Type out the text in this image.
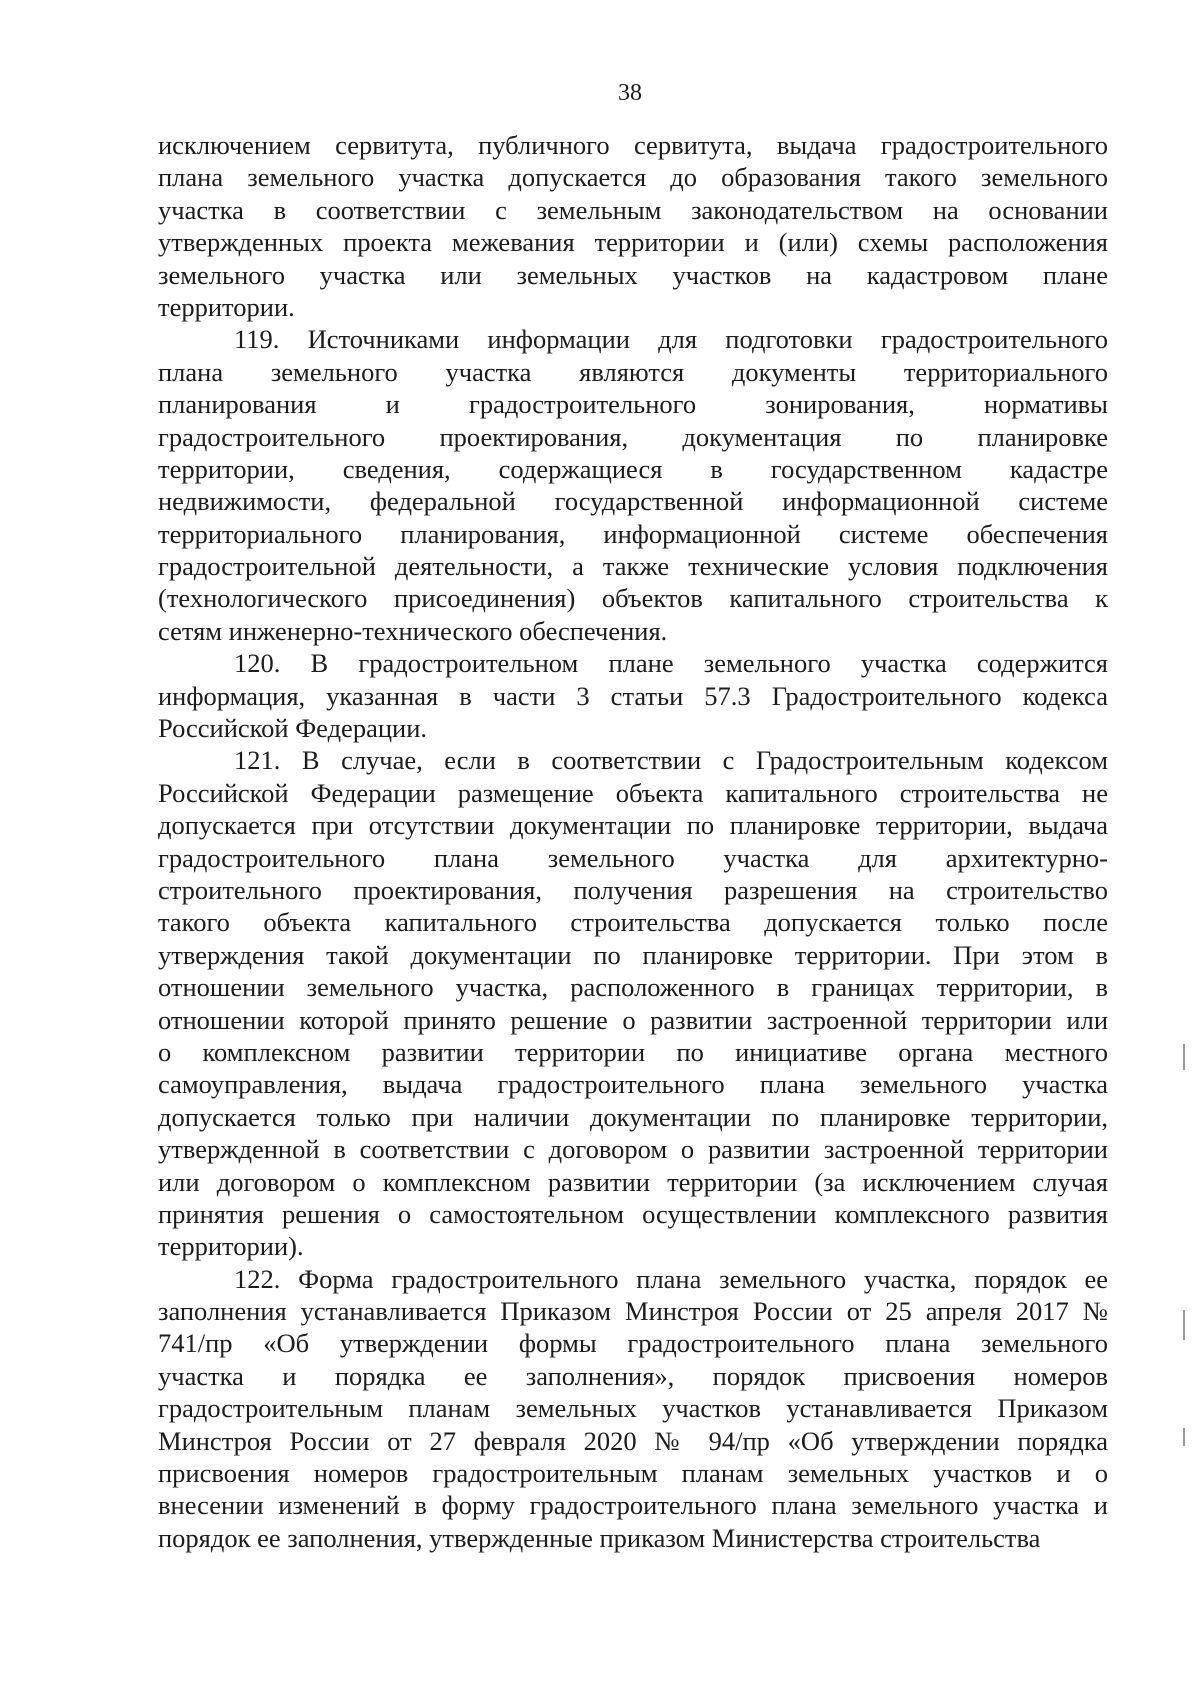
38
исключением сервитута, публичного сервитута, выдача градостроительного
плана земельного участка допускается до образования такого земельного
участка в соответствии с земельным законодательством на основании
утвержденных проекта межевания территории и (или) схемы расположения
земельного участка или земельных участков на кадастровом плане
территории.
119. Источниками информации для подготовки градостроительного
плана земельного участка являются документы территориального
планирования и градостроительного зонирования, нормативы
градостроительного проектирования, документация по планировке
территории, сведения, содержащиеся в государственном кадастре
недвижимости, федеральной государственной информационной системе
территориального планирования, информационной системе обеспечения
градостроительной деятельности, а также технические условия подключения
(технологического присоединения) объектов капитального строительства к
сетям инженерно-технического обеспечения.
120. В градостроительном плане земельного участка содержится
информация, указанная в части 3 статьи 57.3 Градостроительного кодекса
Российской Федерации.
121. В случае, если в соответствии с Градостроительным кодексом
Российской Федерации размещение объекта капитального строительства не
допускается при отсутствии документации по планировке территории, выдача
градостроительного плана земельного участка для архитектурно-
строительного проектирования, получения разрешения на строительство
такого объекта капитального строительства допускается только после
утверждения такой документации по планировке территории. При этом в
отношении земельного участка, расположенного в границах территории, в
отношении которой принято решение о развитии застроенной территории или
о комплексном развитии территории по инициативе органа местного
самоуправления, выдача градостроительного плана земельного участка
допускается только при наличии документации по планировке территории,
утвержденной в соответствии с договором о развитии застроенной территории
или договором о комплексном развитии территории (за исключением случая
принятия решения о самостоятельном осуществлении комплексного развития
территории).
122. Форма градостроительного плана земельного участка, порядок ее
заполнения устанавливается Приказом Минстроя России от 25 апреля 2017 №
741/пр «Об утверждении формы градостроительного плана земельного
участка и порядка ее заполнения», порядок присвоения номеров
градостроительным планам земельных участков устанавливается Приказом
Минстроя России от 27 февраля 2020 № 94/пр «Об утверждении порядка
присвоения номеров градостроительным планам земельных участков и о
внесении изменений в форму градостроительного плана земельного участка и
порядок ее заполнения, утвержденные приказом Министерства строительства
